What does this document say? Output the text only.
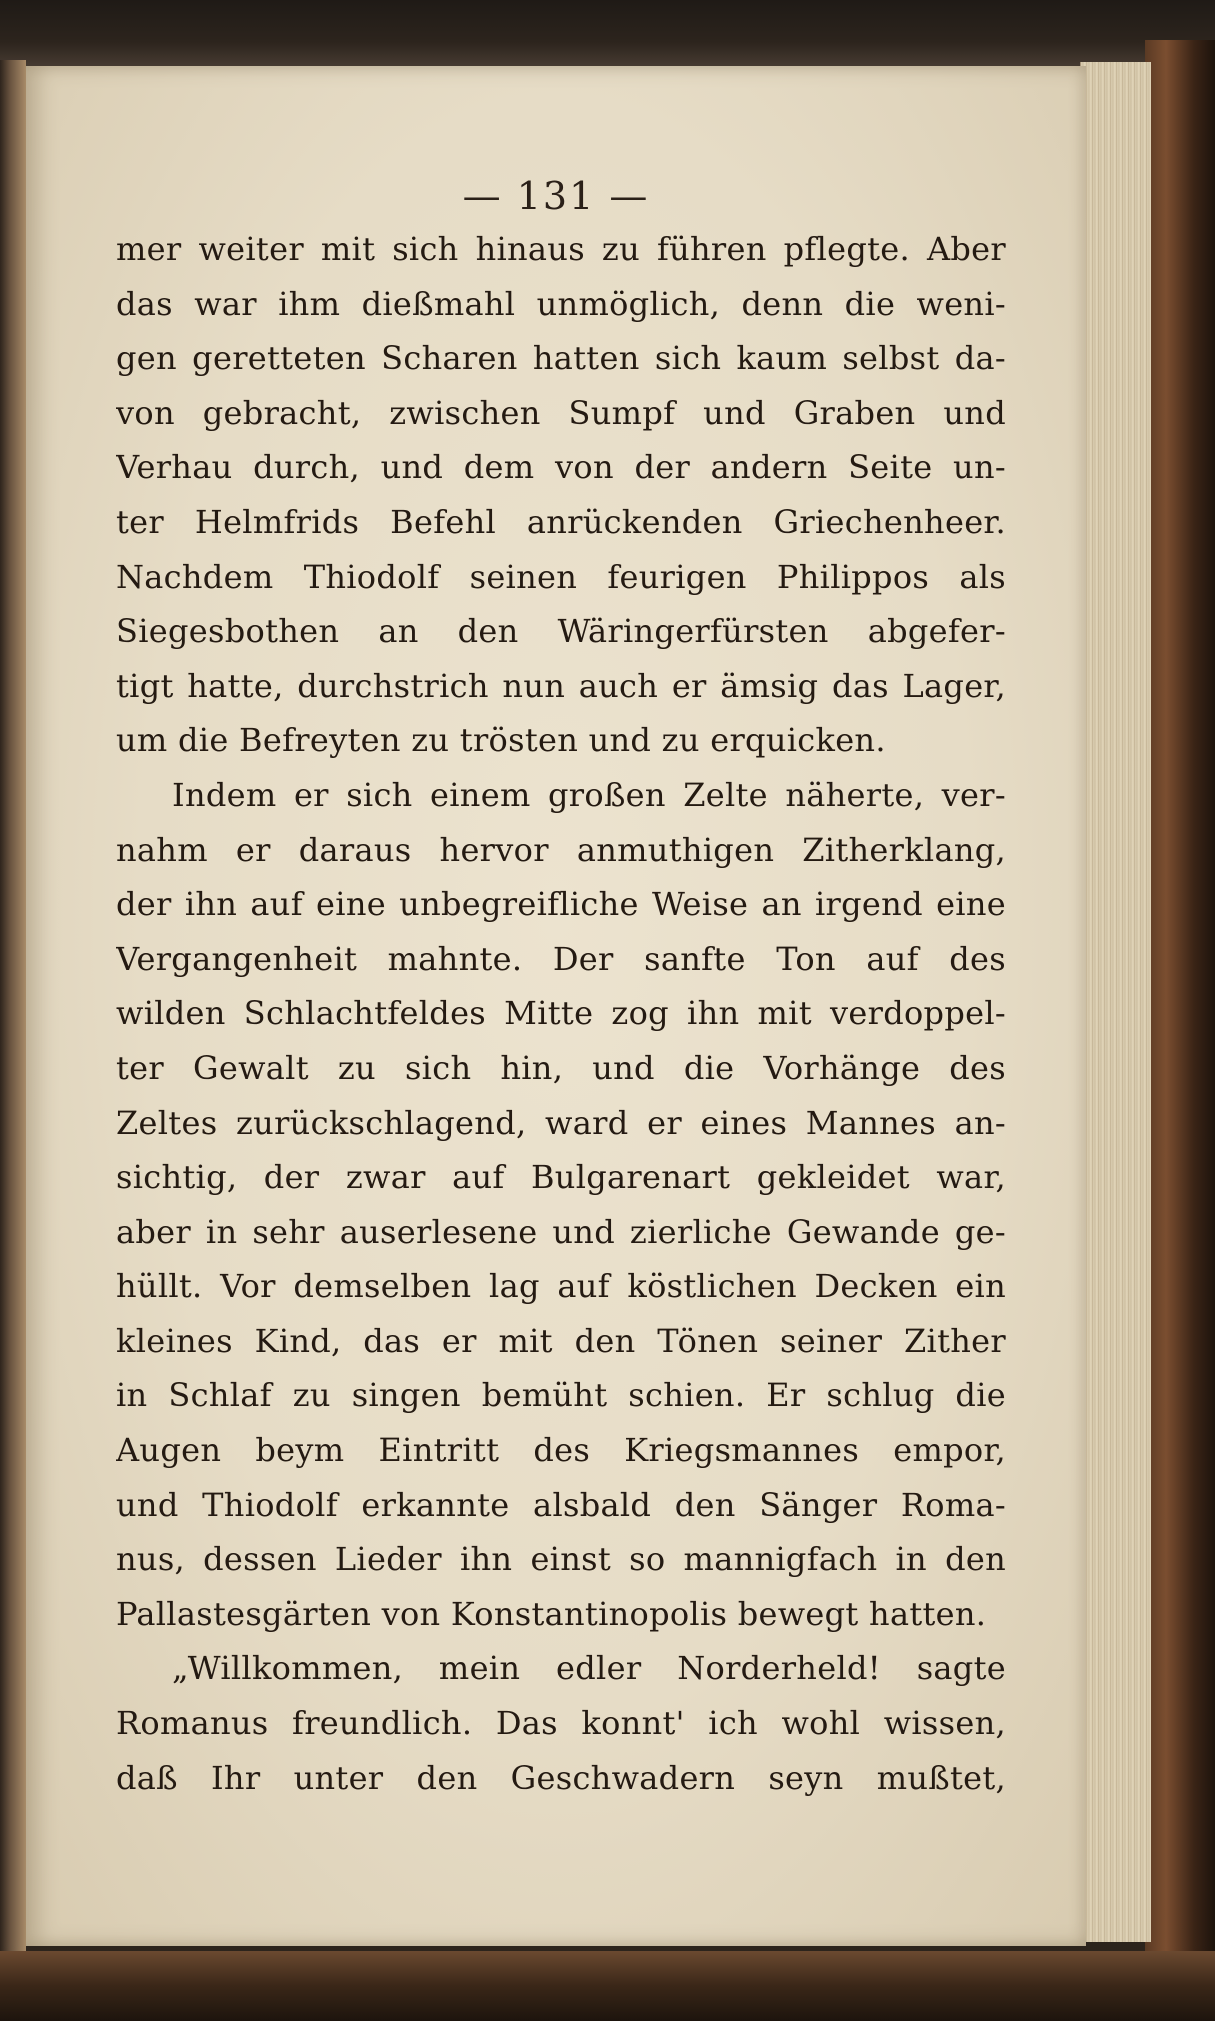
— 131 —
mer weiter mit sich hinaus zu führen pflegte. Aber
das war ihm dießmahl unmöglich, denn die weni-
gen geretteten Scharen hatten sich kaum selbst da-
von gebracht, zwischen Sumpf und Graben und
Verhau durch, und dem von der andern Seite un-
ter Helmfrids Befehl anrückenden Griechenheer.
Nachdem Thiodolf seinen feurigen Philippos als
Siegesbothen an den Wäringerfürsten abgefer-
tigt hatte, durchstrich nun auch er ämsig das Lager,
um die Befreyten zu trösten und zu erquicken.
Indem er sich einem großen Zelte näherte, ver-
nahm er daraus hervor anmuthigen Zitherklang,
der ihn auf eine unbegreifliche Weise an irgend eine
Vergangenheit mahnte. Der sanfte Ton auf des
wilden Schlachtfeldes Mitte zog ihn mit verdoppel-
ter Gewalt zu sich hin, und die Vorhänge des
Zeltes zurückschlagend, ward er eines Mannes an-
sichtig, der zwar auf Bulgarenart gekleidet war,
aber in sehr auserlesene und zierliche Gewande ge-
hüllt. Vor demselben lag auf köstlichen Decken ein
kleines Kind, das er mit den Tönen seiner Zither
in Schlaf zu singen bemüht schien. Er schlug die
Augen beym Eintritt des Kriegsmannes empor,
und Thiodolf erkannte alsbald den Sänger Roma-
nus, dessen Lieder ihn einst so mannigfach in den
Pallastesgärten von Konstantinopolis bewegt hatten.
„Willkommen, mein edler Norderheld! sagte
Romanus freundlich. Das konnt' ich wohl wissen,
daß Ihr unter den Geschwadern seyn mußtet,
